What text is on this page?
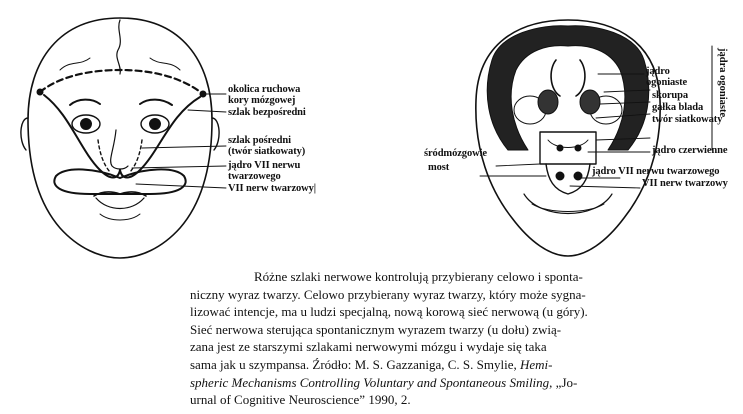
okolica ruchowa
kory mózgowej
szlak bezpośredni
szlak pośredni
(twór siatkowaty)
jądro VII nerwu
twarzowego
VII nerw twarzowy|
jądro
ogoniaste
skorupa
gałka blada
twór siatkowaty
jądro czerwienne
śródmózgowie
most	jądro VII nerwu twarzowego
VII nerw twarzowy
jądra ogoniaste
Różne szlaki nerwowe kontrolują przybierany celowo i sponta-
niczny wyraz twarzy. Celowo przybierany wyraz twarzy, który może sygna-
lizować intencje, ma u ludzi specjalną, nową korową sieć nerwową (u góry).
Sieć nerwowa sterująca spontanicznym wyrazem twarzy (u dołu) zwią-
zana jest ze starszymi szlakami nerwowymi mózgu i wydaje się taka
sama jak u szympansa. Źródło: M. S. Gazzaniga, C. S. Smylie, Hemi-
spheric Mechanisms Controlling Voluntary and Spontaneous Smiling, „Jo-
urnal of Cognitive Neuroscience” 1990, 2.
